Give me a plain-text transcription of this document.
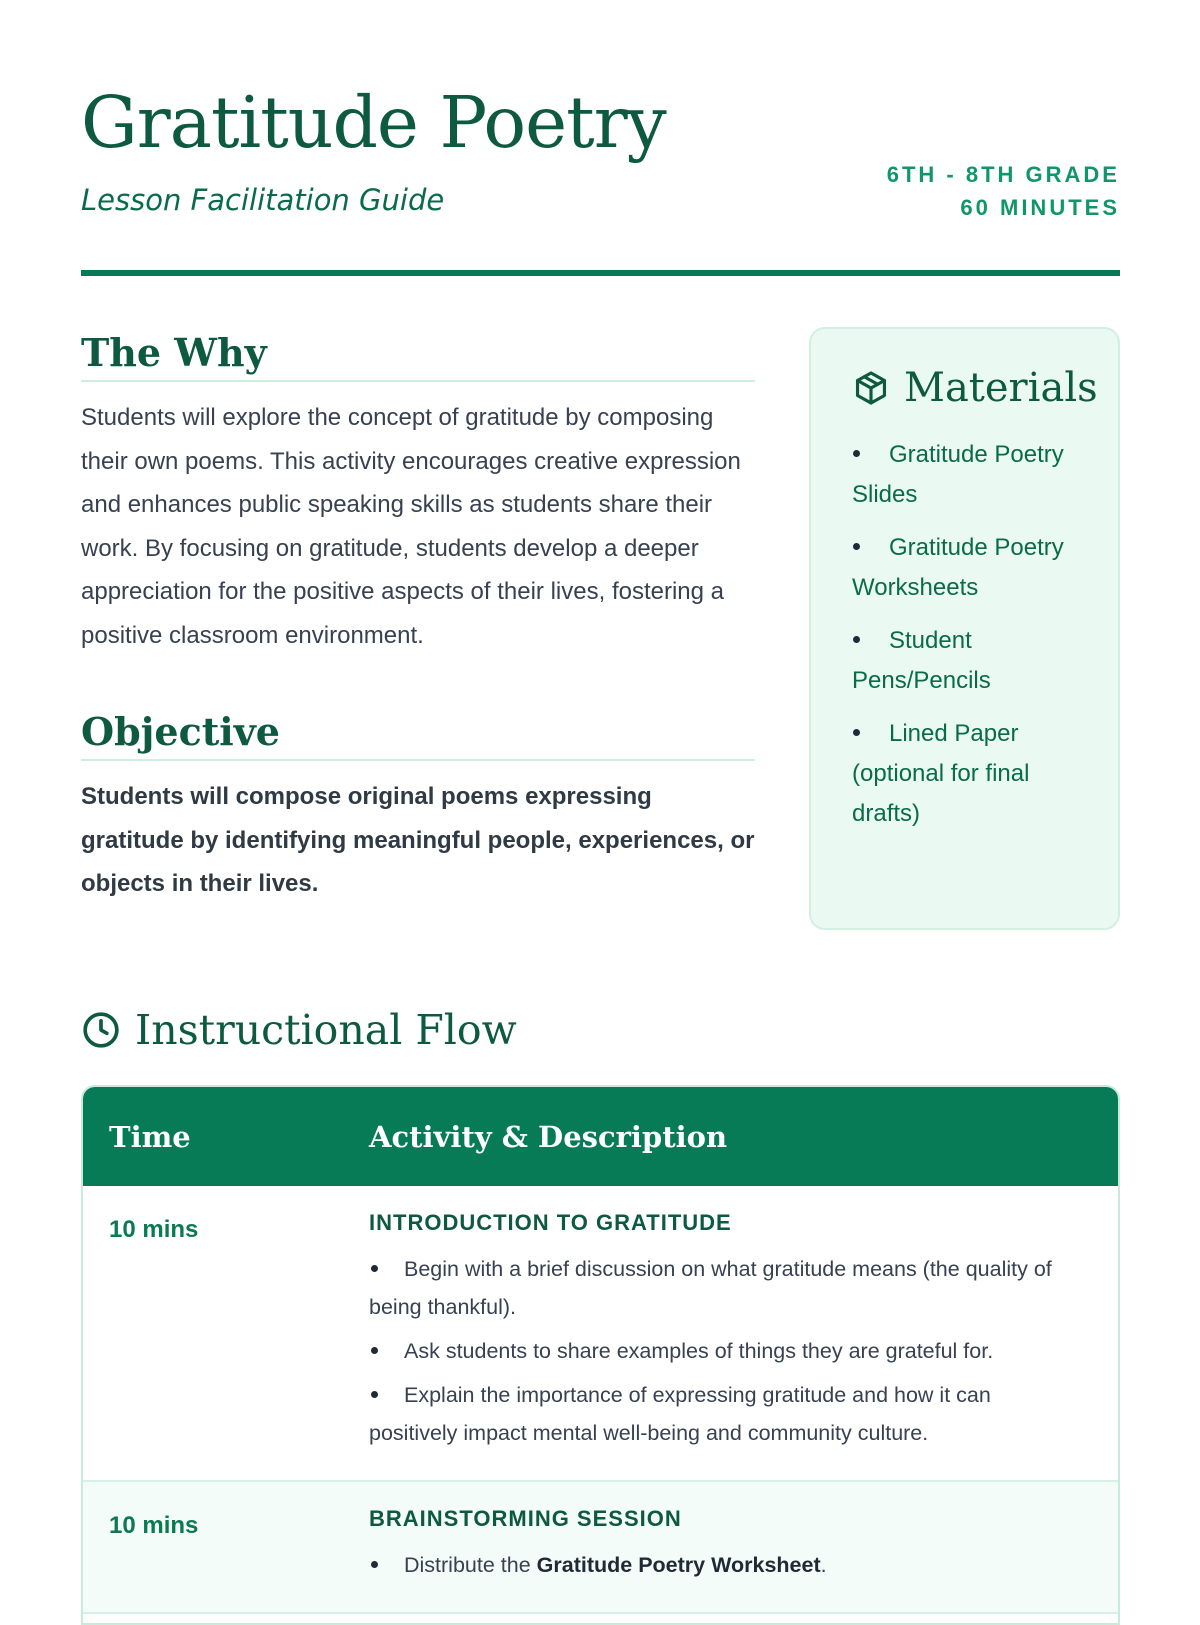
Gratitude Poetry
Lesson Facilitation Guide
6TH - 8TH GRADE
60 MINUTES
The Why

Students will explore the concept of gratitude by composing their own poems. This activity encourages creative expression and enhances public speaking skills as students share their work. By focusing on gratitude, students develop a deeper appreciation for the positive aspects of their lives, fostering a positive classroom environment.

Objective

Students will compose original poems expressing gratitude by identifying meaningful people, experiences, or objects in their lives.

Materials
Gratitude Poetry Slides
Gratitude Poetry Worksheets
Student Pens/Pencils
Lined Paper (optional for final drafts)
Instructional Flow
Time	Activity & Description
10 mins	INTRODUCTION TO GRATITUDE
Begin with a brief discussion on what gratitude means (the quality of being thankful).
Ask students to share examples of things they are grateful for.
Explain the importance of expressing gratitude and how it can positively impact mental well-being and community culture.
10 mins	BRAINSTORMING SESSION
Distribute the Gratitude Poetry Worksheet.
